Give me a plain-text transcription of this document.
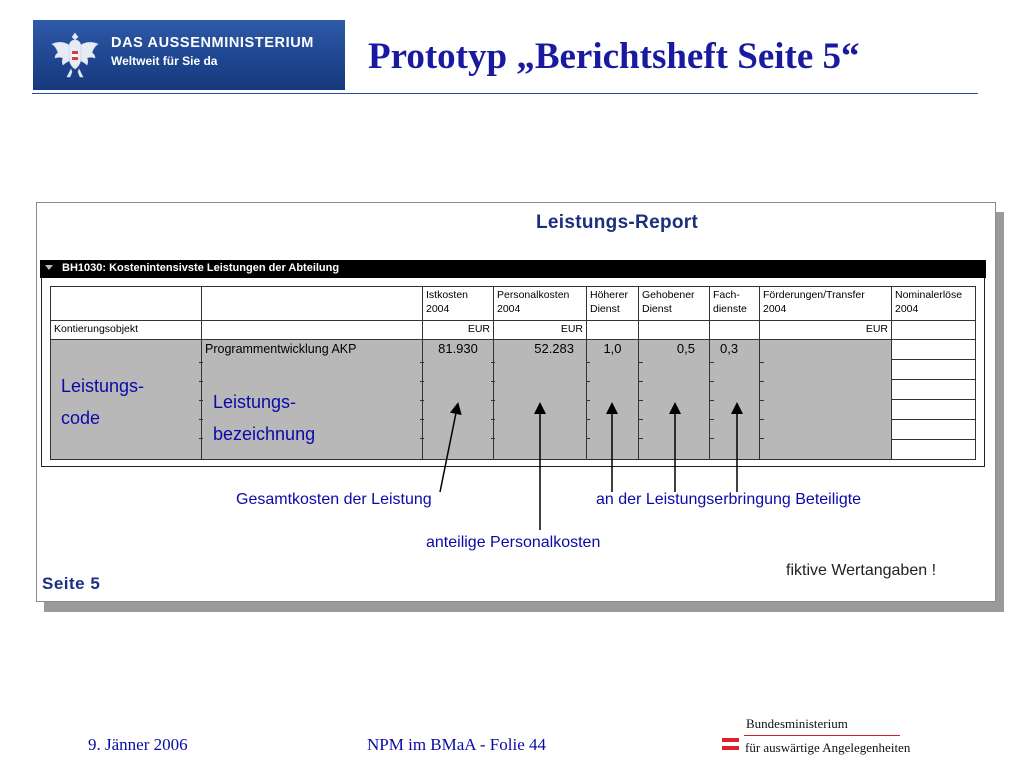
DAS AUSSENMINISTERIUM
Weltweit für Sie da	Prototyp „Berichtsheft Seite 5“
Leistungs-Report
BH1030: Kostenintensivste Leistungen der Abteilung
		Istkosten 2004	Personalkosten 2004	Höherer Dienst	Gehobener Dienst	Fach-dienste	Förderungen/Transfer 2004	Nominalerlöse 2004
Kontierungsobjekt		EUR	EUR				EUR	
	Programmentwicklung AKP	81.930	52.283	1,0	0,5	0,3		

Leistungs-
code
Leistungs-
bezeichnung
Gesamtkosten der Leistung	an der Leistungserbringung Beteiligte
anteilige Personalkosten
fiktive Wertangaben !
Seite 5
9. Jänner 2006	NPM im BMaA - Folie 44
Bundesministerium
für auswärtige Angelegenheiten
